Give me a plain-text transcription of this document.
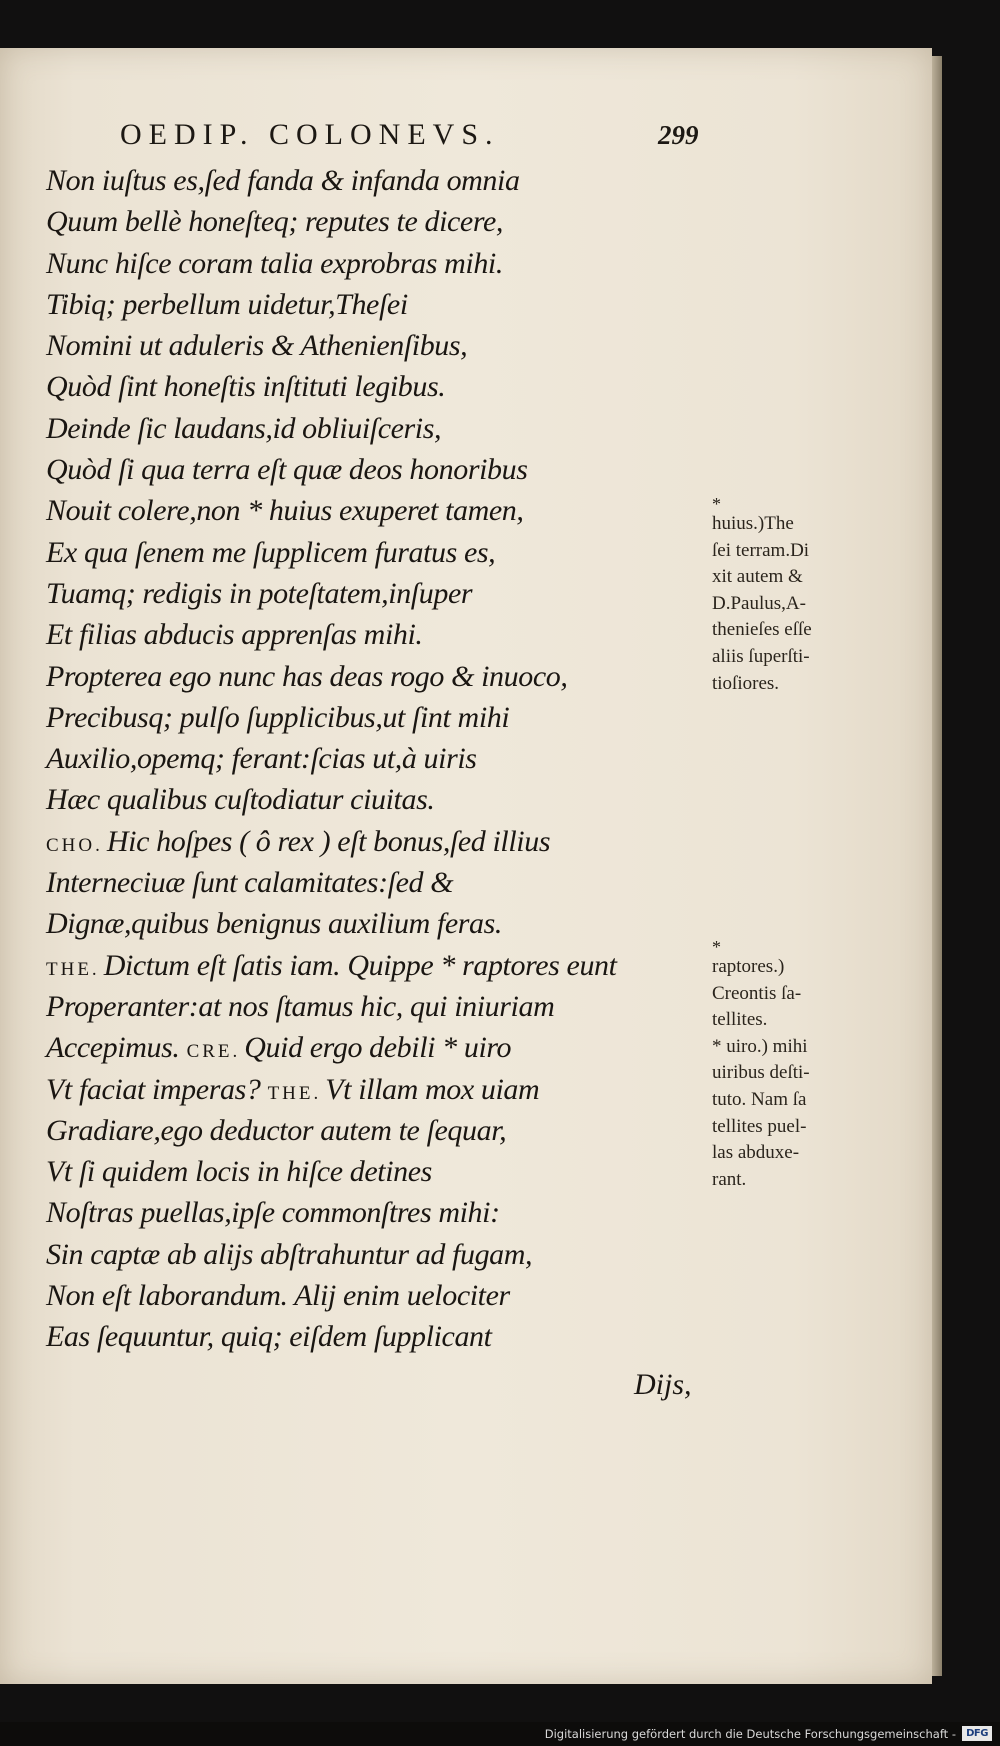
OEDIP. COLONEVS.	299
Non iuſtus es,ſed fanda & infanda omnia
Quum bellè honeſteq; reputes te dicere,
Nunc hiſce coram talia exprobras mihi.
Tibiq; perbellum uidetur,Theſei
Nomini ut aduleris & Athenienſibus,
Quòd ſint honeſtis inſtituti legibus.
Deinde ſic laudans,id obliuiſceris,
Quòd ſi qua terra eſt quæ deos honoribus
Nouit colere,non * huius exuperet tamen,
Ex qua ſenem me ſupplicem furatus es,
Tuamq; redigis in poteſtatem,inſuper
Et filias abducis apprenſas mihi.
Propterea ego nunc has deas rogo & inuoco,
Precibusq; pulſo ſupplicibus,ut ſint mihi
Auxilio,opemq; ferant:ſcias ut,à uiris
Hæc qualibus cuſtodiatur ciuitas.
CHO. Hic hoſpes ( ô rex ) eſt bonus,ſed illius
Interneciuæ ſunt calamitates:ſed &
Dignæ,quibus benignus auxilium feras.
THE. Dictum eſt ſatis iam. Quippe * raptores eunt
Properanter:at nos ſtamus hic, qui iniuriam
Accepimus. CRE. Quid ergo debili * uiro
Vt faciat imperas? THE. Vt illam mox uiam
Gradiare,ego deductor autem te ſequar,
Vt ſi quidem locis in hiſce detines
Noſtras puellas,ipſe commonſtres mihi:
Sin captæ ab alijs abſtrahuntur ad fugam,
Non eſt laborandum. Alij enim uelociter
Eas ſequuntur, quiq; eiſdem ſupplicant
*
huius.)The
ſei terram.Di
xit autem &
D.Paulus,A-
thenieſes eſſe
aliis ſuperſti-
tioſiores.
*
raptores.)
Creontis ſa-
tellites.
* uiro.) mihi
uiribus deſti-
tuto. Nam ſa
tellites puel-
las abduxe-
rant.
Dijs,
Digitalisierung gefördert durch die Deutsche Forschungsgemeinschaft -	DFG
